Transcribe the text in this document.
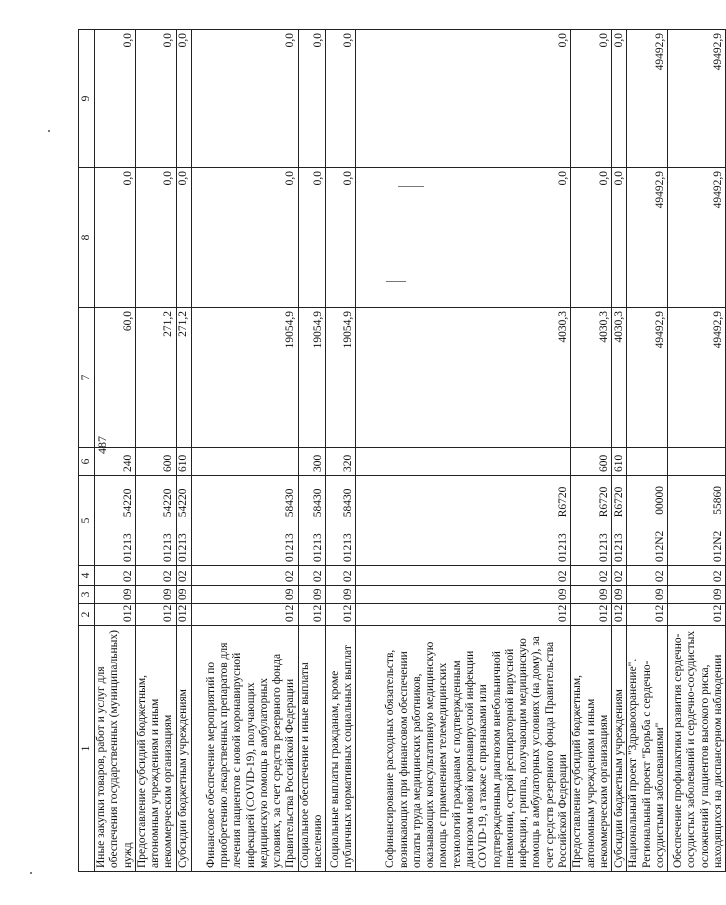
487
1	2	3	4	5	6	7	8	9
Иные закупки товаров, работ и услуг для обеспечения государственных (муниципальных) нужд	012	09	02	0121354220	240	60,0	0,0	0,0
Предоставление субсидий бюджетным, автономным учреждениям и иным некоммерческим организациям	012	09	02	0121354220	600	271,2	0,0	0,0
Субсидии бюджетным учреждениям	012	09	02	0121354220	610	271,2	0,0	0,0
Финансовое обеспечение мероприятий по приобретению лекарственных препаратов для лечения пациентов с новой коронавирусной инфекцией (COVID-19), получающих медицинскую помощь в амбулаторных условиях, за счет средств резервного фонда Правительства Российской Федерации	012	09	02	0121358430		19054,9	0,0	0,0
Социальное обеспечение и иные выплаты населению	012	09	02	0121358430	300	19054,9	0,0	0,0
Социальные выплаты гражданам, кроме публичных нормативных социальных выплат	012	09	02	0121358430	320	19054,9	0,0	0,0
Софинансирование расходных обязательств, возникающих при финансовом обеспечении оплаты труда медицинских работников, оказывающих консультативную медицинскую помощь с применением телемедицинских технологий гражданам с подтвержденным диагнозом новой коронавирусной инфекции COVID-19, а также с признаками или подтвержденным диагнозом внебольничной пневмонии, острой респираторной вирусной инфекции, гриппа, получающим медицинскую помощь в амбулаторных условиях (на дому), за счет средств резервного фонда Правительства Российской Федерации	012	09	02	01213R6720		4030,3	0,0	0,0
Предоставление субсидий бюджетным, автономным учреждениям и иным некоммерческим организациям	012	09	02	01213R6720	600	4030,3	0,0	0,0
Субсидии бюджетным учреждениям	012	09	02	01213R6720	610	4030,3	0,0	0,0
Национальный проект "Здравоохранение". Региональный проект "Борьба с сердечно-сосудистыми заболеваниями"	012	09	02	012N200000		49492,9	49492,9	49492,9
Обеспечение профилактики развития сердечно-сосудистых заболеваний и сердечно-сосудистых осложнений у пациентов высокого риска, находящихся на диспансерном наблюдении	012	09	02	012N255860		49492,9	49492,9	49492,9
